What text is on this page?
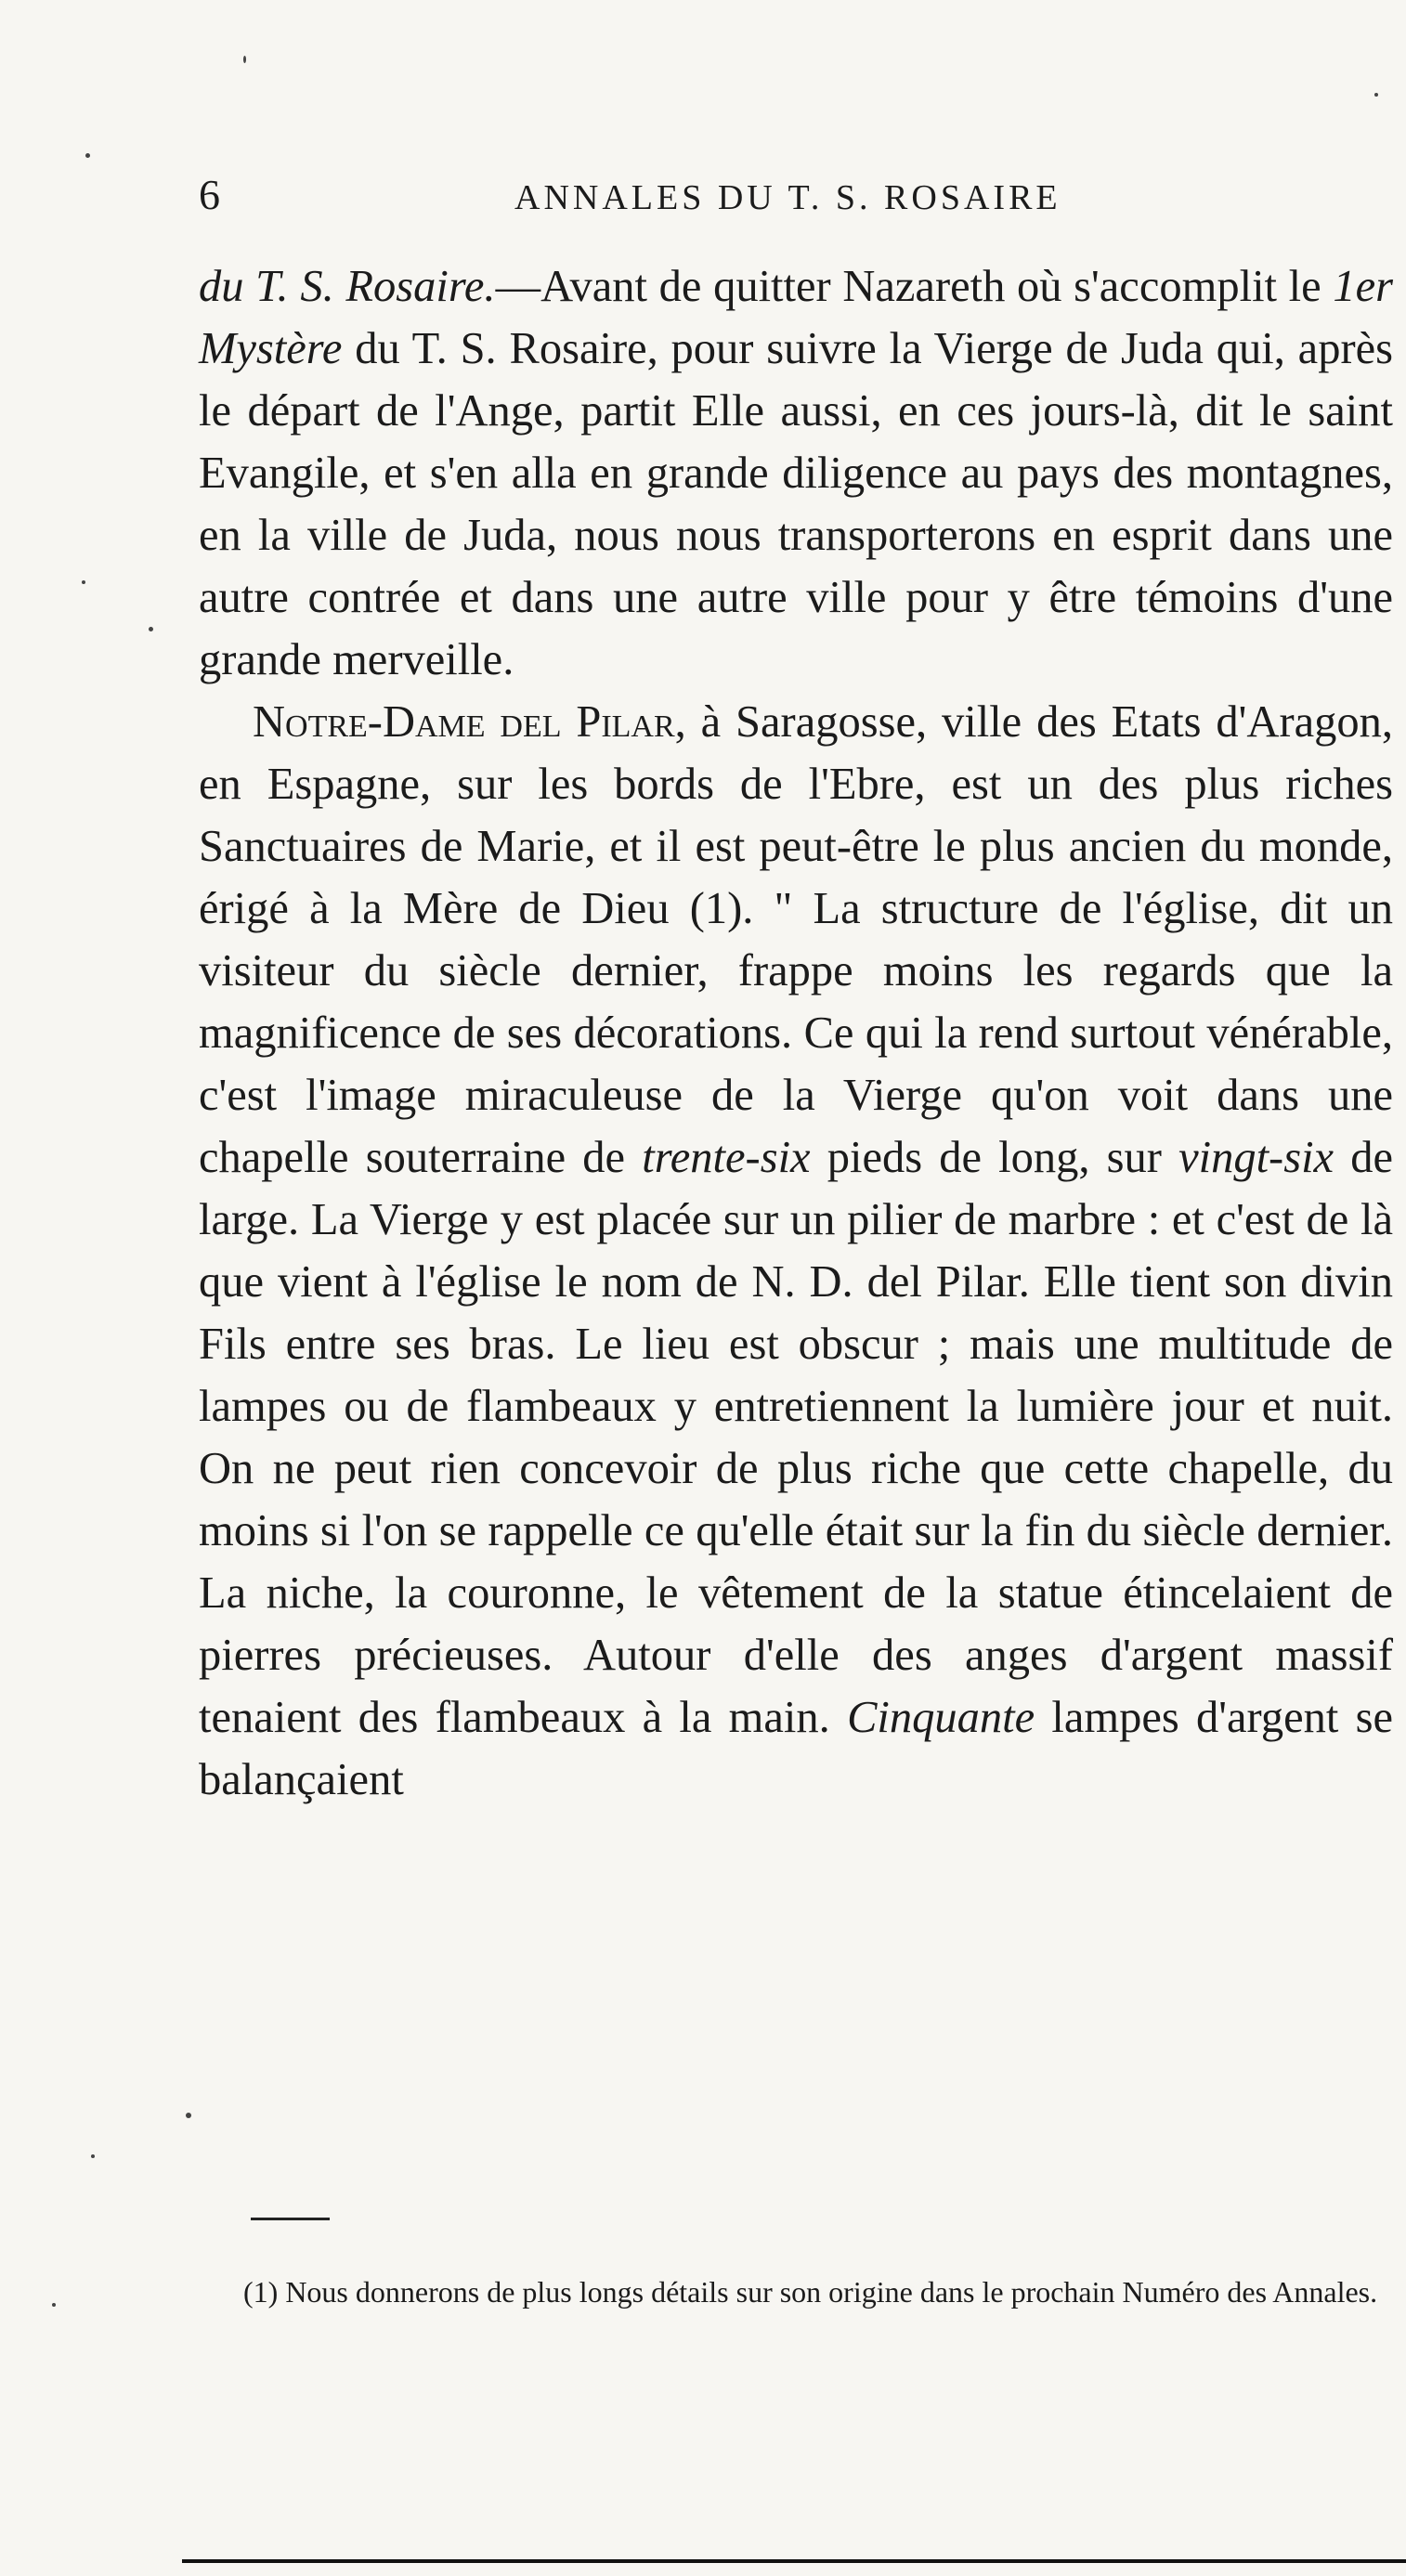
6	ANNALES DU T. S. ROSAIRE

du T. S. Rosaire.—Avant de quitter Nazareth où s'accomplit le 1er Mystère du T. S. Rosaire, pour suivre la Vierge de Juda qui, après le départ de l'Ange, partit Elle aussi, en ces jours-là, dit le saint Evangile, et s'en alla en grande diligence au pays des montagnes, en la ville de Juda, nous nous transporterons en esprit dans une autre contrée et dans une autre ville pour y être témoins d'une grande merveille.

Notre-Dame del Pilar, à Saragosse, ville des Etats d'Aragon, en Espagne, sur les bords de l'Ebre, est un des plus riches Sanctuaires de Marie, et il est peut-être le plus ancien du monde, érigé à la Mère de Dieu (1). " La structure de l'église, dit un visiteur du siècle dernier, frappe moins les regards que la magnificence de ses décorations. Ce qui la rend surtout vénérable, c'est l'image miraculeuse de la Vierge qu'on voit dans une chapelle souterraine de trente-six pieds de long, sur vingt-six de large. La Vierge y est placée sur un pilier de marbre : et c'est de là que vient à l'église le nom de N. D. del Pilar. Elle tient son divin Fils entre ses bras. Le lieu est obscur ; mais une multitude de lampes ou de flambeaux y entretiennent la lumière jour et nuit. On ne peut rien concevoir de plus riche que cette chapelle, du moins si l'on se rappelle ce qu'elle était sur la fin du siècle dernier. La niche, la couronne, le vêtement de la statue étincelaient de pierres précieuses. Autour d'elle des anges d'argent massif tenaient des flambeaux à la main. Cinquante lampes d'argent se balançaient

(1) Nous donnerons de plus longs détails sur son origine dans le prochain Numéro des Annales.
